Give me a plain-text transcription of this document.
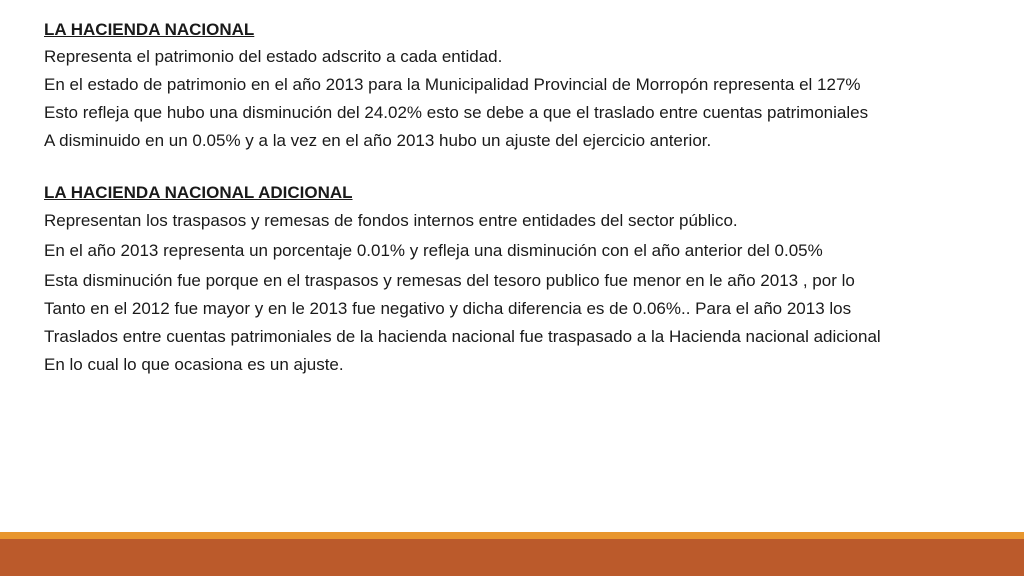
LA HACIENDA NACIONAL
Representa el patrimonio del estado adscrito a cada entidad.
En el estado de patrimonio en el año 2013 para la Municipalidad Provincial de Morropón representa el 127%
Esto refleja que hubo una disminución del 24.02% esto se debe a que el traslado entre cuentas patrimoniales
A disminuido en un 0.05% y a la vez en el año 2013 hubo un ajuste del ejercicio anterior.
LA HACIENDA NACIONAL ADICIONAL
Representan los traspasos y remesas de fondos internos entre entidades del sector público.
En el año 2013 representa un porcentaje 0.01% y refleja una disminución con el año anterior del 0.05%
Esta disminución fue porque en el traspasos y remesas del tesoro publico fue menor en le año 2013 , por lo
Tanto en el 2012 fue mayor y en le 2013 fue negativo y dicha diferencia es de 0.06%.. Para el año 2013 los
Traslados entre cuentas patrimoniales de la hacienda nacional fue traspasado a la Hacienda nacional adicional
En lo cual lo que ocasiona es un ajuste.
